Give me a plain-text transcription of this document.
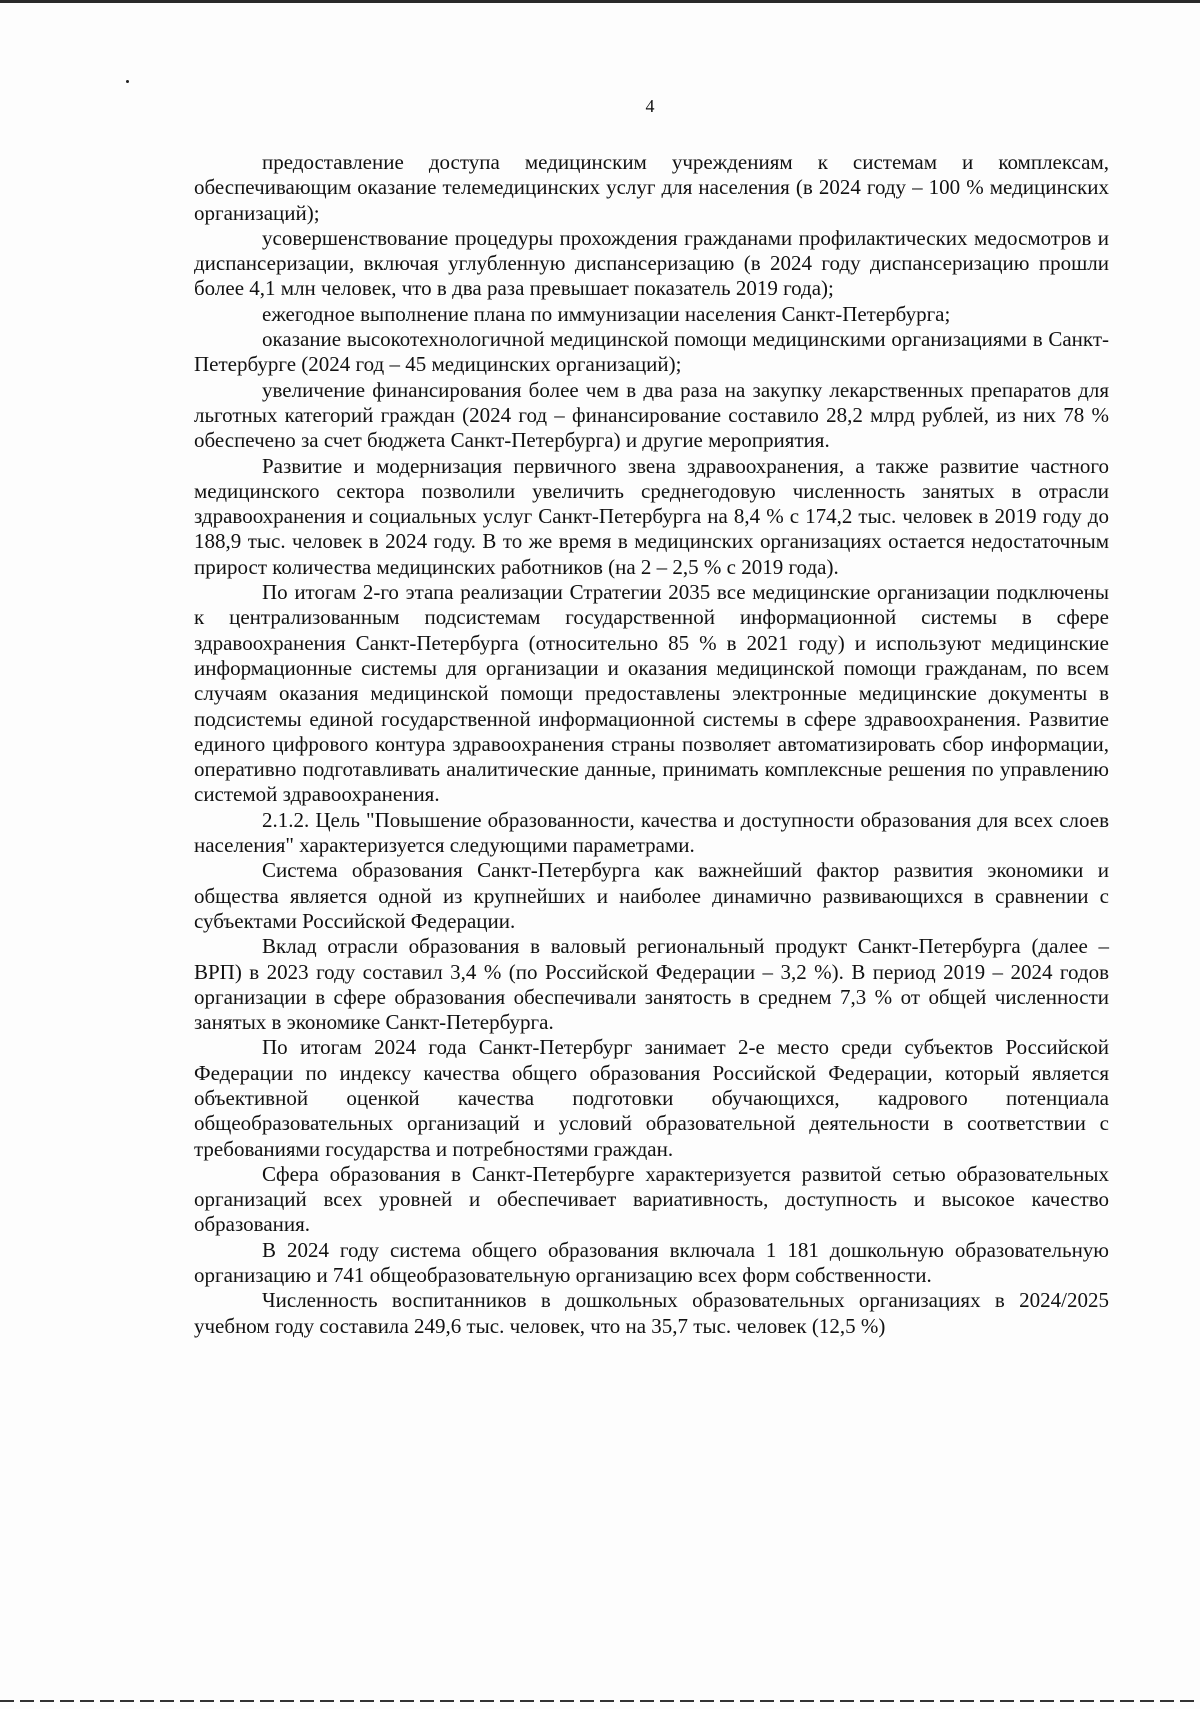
4

предоставление доступа медицинским учреждениям к системам и комплексам, обеспечивающим оказание телемедицинских услуг для населения (в 2024 году – 100 % медицинских организаций);

усовершенствование процедуры прохождения гражданами профилактических медосмотров и диспансеризации, включая углубленную диспансеризацию (в 2024 году диспансеризацию прошли более 4,1 млн человек, что в два раза превышает показатель 2019 года);

ежегодное выполнение плана по иммунизации населения Санкт-Петербурга;

оказание высокотехнологичной медицинской помощи медицинскими организациями в Санкт-Петербурге (2024 год – 45 медицинских организаций);

увеличение финансирования более чем в два раза на закупку лекарственных препаратов для льготных категорий граждан (2024 год – финансирование составило 28,2 млрд рублей, из них 78 % обеспечено за счет бюджета Санкт-Петербурга) и другие мероприятия.

Развитие и модернизация первичного звена здравоохранения, а также развитие частного медицинского сектора позволили увеличить среднегодовую численность занятых в отрасли здравоохранения и социальных услуг Санкт-Петербурга на 8,4 % с 174,2 тыс. человек в 2019 году до 188,9 тыс. человек в 2024 году. В то же время в медицинских организациях остается недостаточным прирост количества медицинских работников (на 2 – 2,5 % с 2019 года).

По итогам 2-го этапа реализации Стратегии 2035 все медицинские организации подключены к централизованным подсистемам государственной информационной системы в сфере здравоохранения Санкт-Петербурга (относительно 85 % в 2021 году) и используют медицинские информационные системы для организации и оказания медицинской помощи гражданам, по всем случаям оказания медицинской помощи предоставлены электронные медицинские документы в подсистемы единой государственной информационной системы в сфере здравоохранения. Развитие единого цифрового контура здравоохранения страны позволяет автоматизировать сбор информации, оперативно подготавливать аналитические данные, принимать комплексные решения по управлению системой здравоохранения.

2.1.2. Цель "Повышение образованности, качества и доступности образования для всех слоев населения" характеризуется следующими параметрами.

Система образования Санкт-Петербурга как важнейший фактор развития экономики и общества является одной из крупнейших и наиболее динамично развивающихся в сравнении с субъектами Российской Федерации.

Вклад отрасли образования в валовый региональный продукт Санкт-Петербурга (далее – ВРП) в 2023 году составил 3,4 % (по Российской Федерации – 3,2 %). В период 2019 – 2024 годов организации в сфере образования обеспечивали занятость в среднем 7,3 % от общей численности занятых в экономике Санкт-Петербурга.

По итогам 2024 года Санкт-Петербург занимает 2-е место среди субъектов Российской Федерации по индексу качества общего образования Российской Федерации, который является объективной оценкой качества подготовки обучающихся, кадрового потенциала общеобразовательных организаций и условий образовательной деятельности в соответствии с требованиями государства и потребностями граждан.

Сфера образования в Санкт-Петербурге характеризуется развитой сетью образовательных организаций всех уровней и обеспечивает вариативность, доступность и высокое качество образования.

В 2024 году система общего образования включала 1 181 дошкольную образовательную организацию и 741 общеобразовательную организацию всех форм собственности.

Численность воспитанников в дошкольных образовательных организациях в 2024/2025 учебном году составила 249,6 тыс. человек, что на 35,7 тыс. человек (12,5 %)
